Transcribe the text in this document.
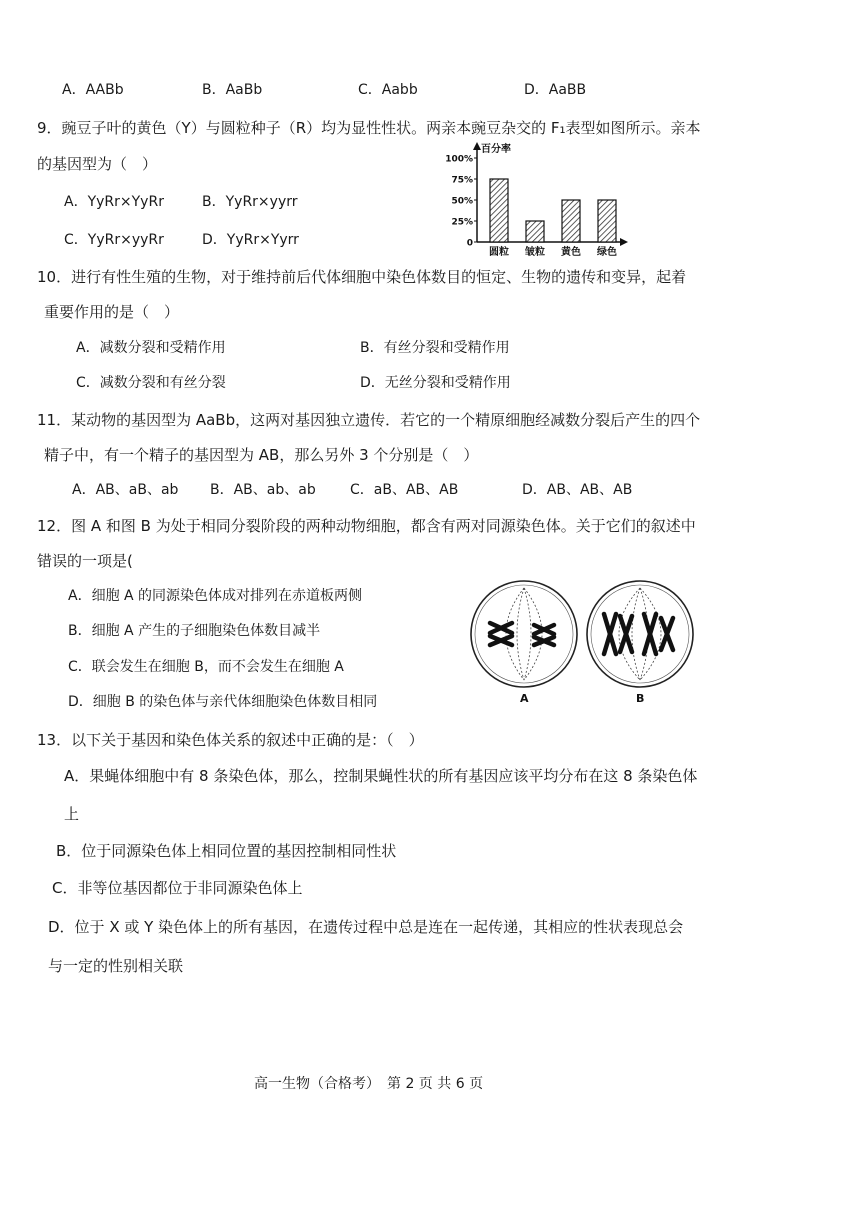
A．AABb	B．AaBb	C．Aabb	D．AaBB
9．豌豆子叶的黄色（Y）与圆粒种子（R）均为显性性状。两亲本豌豆杂交的 F₁表型如图所示。亲本
的基因型为（　）
A．YyRr×YyRr	B．YyRr×yyrr
C．YyRr×yyRr	D．YyRr×Yyrr
百分率
0
25%
50%
75%
100%
圆粒 皱粒 黄色 绿色
10．进行有性生殖的生物，对于维持前后代体细胞中染色体数目的恒定、生物的遗传和变异，起着
重要作用的是（　）
A．减数分裂和受精作用	B．有丝分裂和受精作用
C．减数分裂和有丝分裂	D．无丝分裂和受精作用
11．某动物的基因型为 AaBb，这两对基因独立遗传．若它的一个精原细胞经减数分裂后产生的四个
精子中，有一个精子的基因型为 AB，那么另外 3 个分别是（　）
A．AB、aB、ab B．AB、ab、ab C．aB、AB、AB	D．AB、AB、AB
12．图 A 和图 B 为处于相同分裂阶段的两种动物细胞，都含有两对同源染色体。关于它们的叙述中
错误的一项是(
A．细胞 A 的同源染色体成对排列在赤道板两侧
B．细胞 A 产生的子细胞染色体数目减半
C．联会发生在细胞 B，而不会发生在细胞 A
D．细胞 B 的染色体与亲代体细胞染色体数目相同	A	B
13．以下关于基因和染色体关系的叙述中正确的是：（　）
A．果蝇体细胞中有 8 条染色体，那么，控制果蝇性状的所有基因应该平均分布在这 8 条染色体
上
B．位于同源染色体上相同位置的基因控制相同性状
C．非等位基因都位于非同源染色体上
D．位于 X 或 Y 染色体上的所有基因，在遗传过程中总是连在一起传递，其相应的性状表现总会
与一定的性别相关联
高一生物（合格考）　第 2 页 共 6 页
